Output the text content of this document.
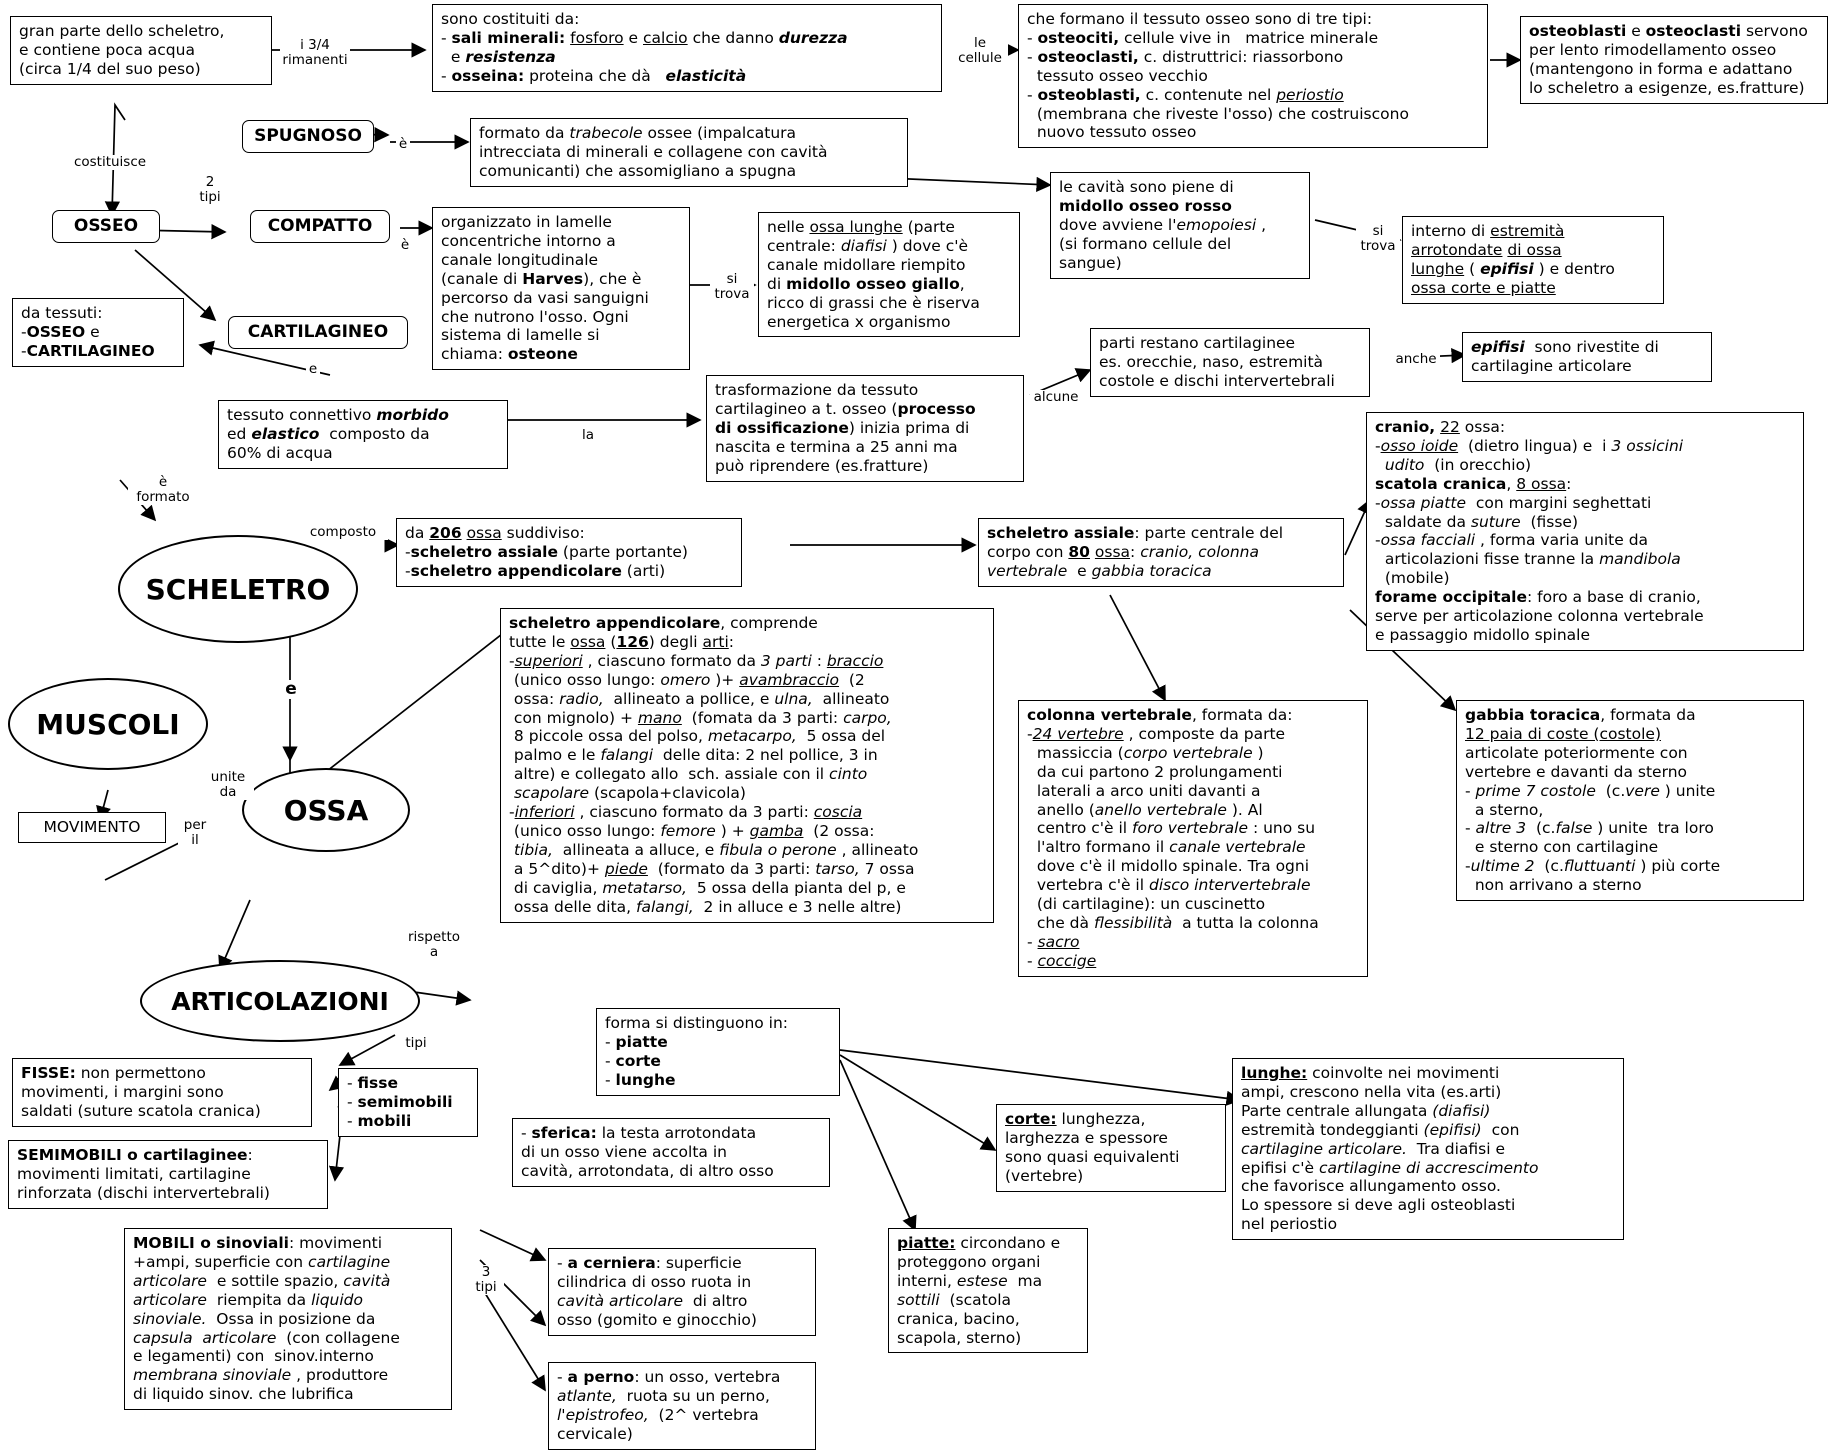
gran parte dello scheletro,
e contiene poca acqua
(circa 1/4 del suo peso)
i 3/4
rimanenti
sono costituiti da:
- sali minerali: fosforo e calcio che danno durezza
e resistenza
- osseina: proteina che dà   elasticità
le
cellule
che formano il tessuto osseo sono di tre tipi:
- osteociti, cellule vive in   matrice minerale
- osteoclasti, c. distruttrici: riassorbono
tessuto osseo vecchio
- osteoblasti, c. contenute nel periostio
(membrana che riveste l'osso) che costruiscono
nuovo tessuto osseo
osteoblasti e osteoclasti servono
per lento rimodellamento osseo
(mantengono in forma e adattano
lo scheletro a esigenze, es.fratture)
SPUGNOSO	è
formato da trabecole ossee (impalcatura
intrecciata di minerali e collagene con cavità
comunicanti) che assomigliano a spugna
2
tipi
OSSEO
costituisce
COMPATTO
è
organizzato in lamelle
concentriche intorno a
canale longitudinale
(canale di Harves), che è
percorso da vasi sanguigni
che nutrono l'osso. Ogni
sistema di lamelle si
chiama: osteone
si
trova
nelle ossa lunghe (parte
centrale: diafisi ) dove c'è
canale midollare riempito
di midollo osseo giallo,
ricco di grassi che è riserva
energetica x organismo
le cavità sono piene di
midollo osseo rosso
dove avviene l'emopoiesi ,
(si formano cellule del
sangue)
si
trova
interno di estremità
arrotondate di ossa
lunghe ( epifisi ) e dentro
ossa corte e piatte
da tessuti:
-OSSEO e
-CARTILAGINEO
CARTILAGINEO
e
tessuto connettivo morbido
ed elastico  composto da
60% di acqua
la
trasformazione da tessuto
cartilagineo a t. osseo (processo
di ossificazione) inizia prima di
nascita e termina a 25 anni ma
può riprendere (es.fratture)
alcune
parti restano cartilaginee
es. orecchie, naso, estremità
costole e dischi intervertebrali
anche
epifisi  sono rivestite di
cartilagine articolare
SCHELETRO
MUSCOLI
OSSA
ARTICOLAZIONI
è
formato
composto
e
unite
da
per
il
rispetto
a
tipi
3
tipi
MOVIMENTO
da 206 ossa suddiviso:
-scheletro assiale (parte portante)
-scheletro appendicolare (arti)
scheletro assiale: parte centrale del
corpo con 80 ossa: cranio, colonna
vertebrale  e gabbia toracica
cranio, 22 ossa:
-osso ioide  (dietro lingua) e  i 3 ossicini
udito  (in orecchio)
scatola cranica, 8 ossa:
-ossa piatte  con margini seghettati
saldate da suture  (fisse)
-ossa facciali , forma varia unite da
articolazioni fisse tranne la mandibola
(mobile)
forame occipitale: foro a base di cranio,
serve per articolazione colonna vertebrale
e passaggio midollo spinale
scheletro appendicolare, comprende
tutte le ossa (126) degli arti:
-superiori , ciascuno formato da 3 parti : braccio
(unico osso lungo: omero )+ avambraccio  (2
ossa: radio,  allineato a pollice, e ulna,  allineato
con mignolo) + mano  (fomata da 3 parti: carpo,
8 piccole ossa del polso, metacarpo,  5 ossa del
palmo e le falangi  delle dita: 2 nel pollice, 3 in
altre) e collegato allo  sch. assiale con il cinto
scapolare (scapola+clavicola)
-inferiori , ciascuno formato da 3 parti: coscia
(unico osso lungo: femore ) + gamba  (2 ossa:
tibia,  allineata a alluce, e fibula o perone , allineato
a 5^dito)+ piede  (formato da 3 parti: tarso, 7 ossa
di caviglia, metatarso,  5 ossa della pianta del p, e
ossa delle dita, falangi,  2 in alluce e 3 nelle altre)
colonna vertebrale, formata da:
-24 vertebre , composte da parte
massiccia (corpo vertebrale )
da cui partono 2 prolungamenti
laterali a arco uniti davanti a
anello (anello vertebrale ). Al
centro c'è il foro vertebrale : uno su
l'altro formano il canale vertebrale
dove c'è il midollo spinale. Tra ogni
vertebra c'è il disco intervertebrale
(di cartilagine): un cuscinetto
che dà flessibilità  a tutta la colonna
- sacro
- coccige
gabbia toracica, formata da
12 paia di coste (costole)
articolate poteriormente con
vertebre e davanti da sterno
- prime 7 costole  (c.vere ) unite
a sterno,
- altre 3  (c.false ) unite  tra loro
e sterno con cartilagine
-ultime 2  (c.fluttuanti ) più corte
non arrivano a sterno
forma si distinguono in:
- piatte
- corte
- lunghe
- fisse
- semimobili
- mobili
FISSE: non permettono
movimenti, i margini sono
saldati (suture scatola cranica)
SEMIMOBILI o cartilaginee:
movimenti limitati, cartilagine
rinforzata (dischi intervertebrali)
MOBILI o sinoviali: movimenti
+ampi, superficie con cartilagine
articolare  e sottile spazio, cavità
articolare  riempita da liquido
sinoviale.  Ossa in posizione da
capsula  articolare  (con collagene
e legamenti) con  sinov.interno
membrana sinoviale , produttore
di liquido sinov. che lubrifica
- sferica: la testa arrotondata
di un osso viene accolta in
cavità, arrotondata, di altro osso
- a cerniera: superficie
cilindrica di osso ruota in
cavità articolare  di altro
osso (gomito e ginocchio)
- a perno: un osso, vertebra
atlante,  ruota su un perno,
l'epistrofeo,  (2^ vertebra
cervicale)
piatte: circondano e
proteggono organi
interni, estese  ma
sottili  (scatola
cranica, bacino,
scapola, sterno)
corte: lunghezza,
larghezza e spessore
sono quasi equivalenti
(vertebre)
lunghe: coinvolte nei movimenti
ampi, crescono nella vita (es.arti)
Parte centrale allungata (diafisi)
estremità tondeggianti (epifisi)  con
cartilagine articolare.  Tra diafisi e
epifisi c'è cartilagine di accrescimento
che favorisce allungamento osso.
Lo spessore si deve agli osteoblasti
nel periostio
